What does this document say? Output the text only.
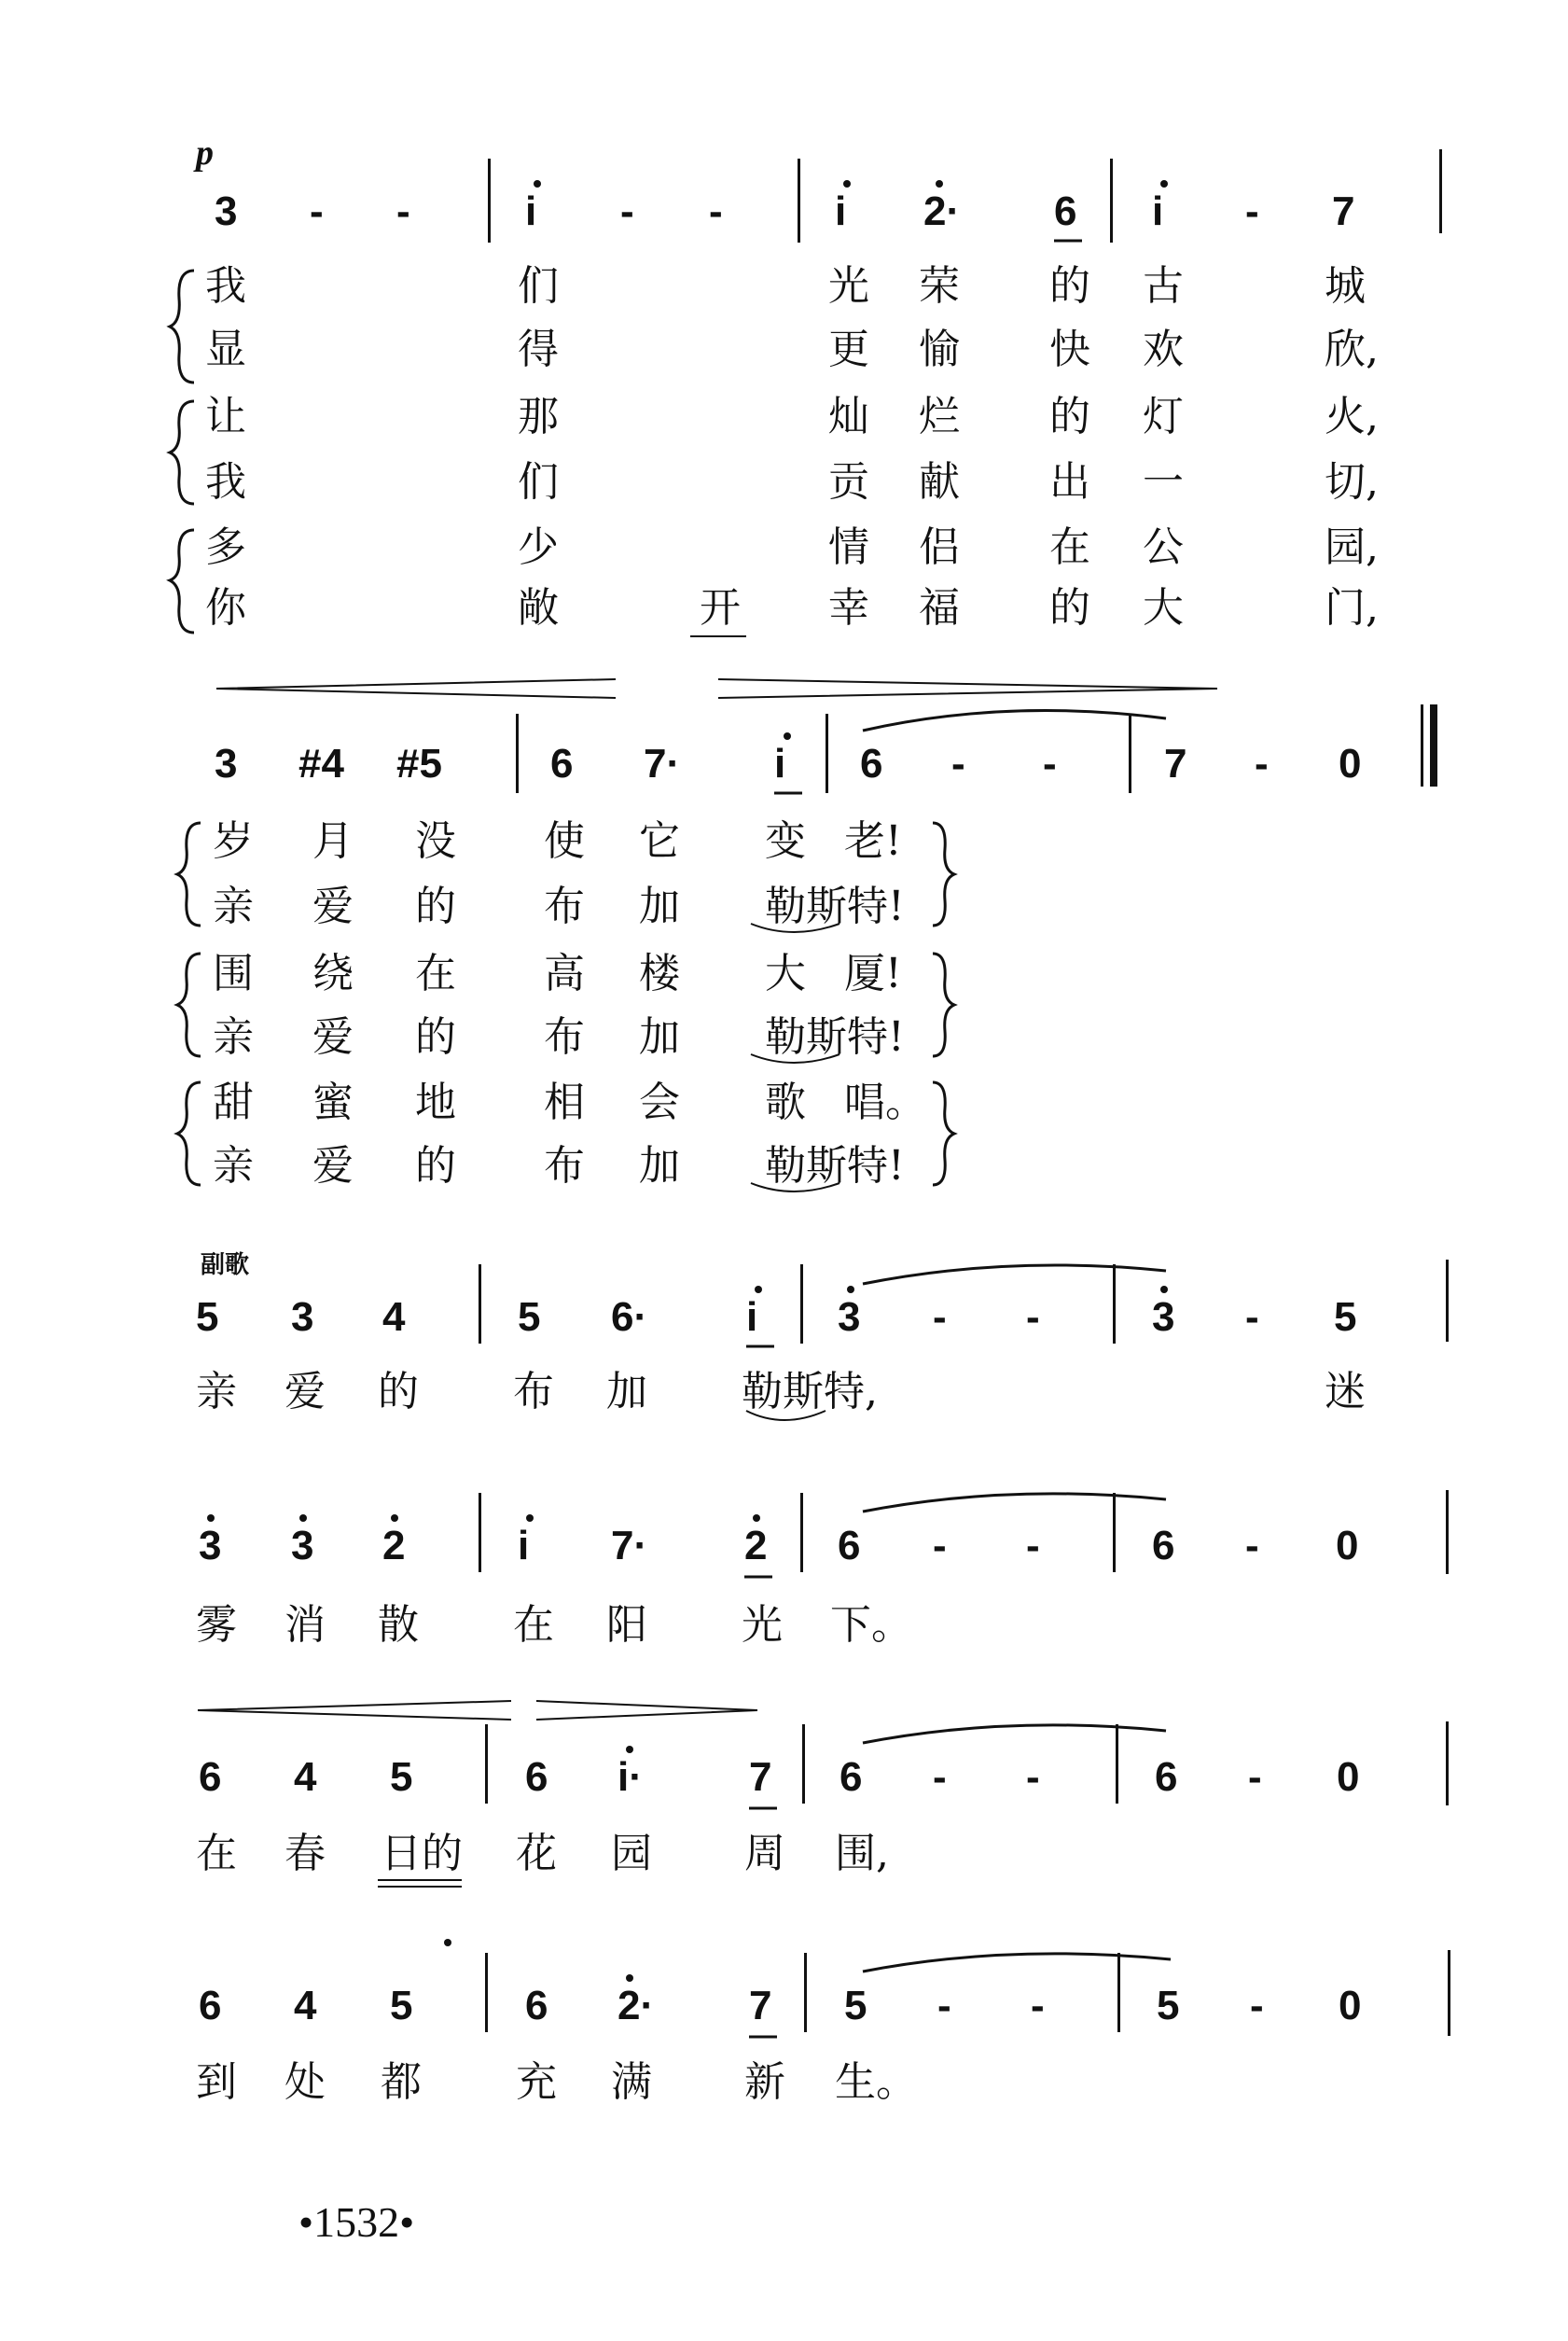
p
3 - -	i - -	i 2· 6 i - 7
我	们	光 荣 的 古	城
显	得	更 愉 快 欢	欣,
让	那	灿 烂 的 灯	火,
我	们	贡 献 出 一	切,
多	少	情 侣 在 公	园,
你	敞	开 幸 福 的 大	门,
3 #4 #5	6 7· i 6 - -	7 - 0
岁 月 没 使 它 变 老!
亲 爱 的 布 加 勒斯特!
围 绕 在 高 楼 大 厦!
亲 爱 的 布 加 勒斯特!
甜 蜜 地 相 会 歌 唱。
亲 爱 的 布 加 勒斯特!
副歌
5 3 4	5 6· i 3 - -	3 - 5
亲 爱 的 布 加 勒斯特,	迷
3 3 2	i 7· 2 6 - -	6 - 0
雾 消 散 在 阳 光 下。
6 4 5	6 i·	7 6 - -	6 - 0
在 春 日的 花 园 周 围,
6 4 5	6 2· 7 5 - -	5 - 0
到 处 都 充 满 新 生。
•1532•
